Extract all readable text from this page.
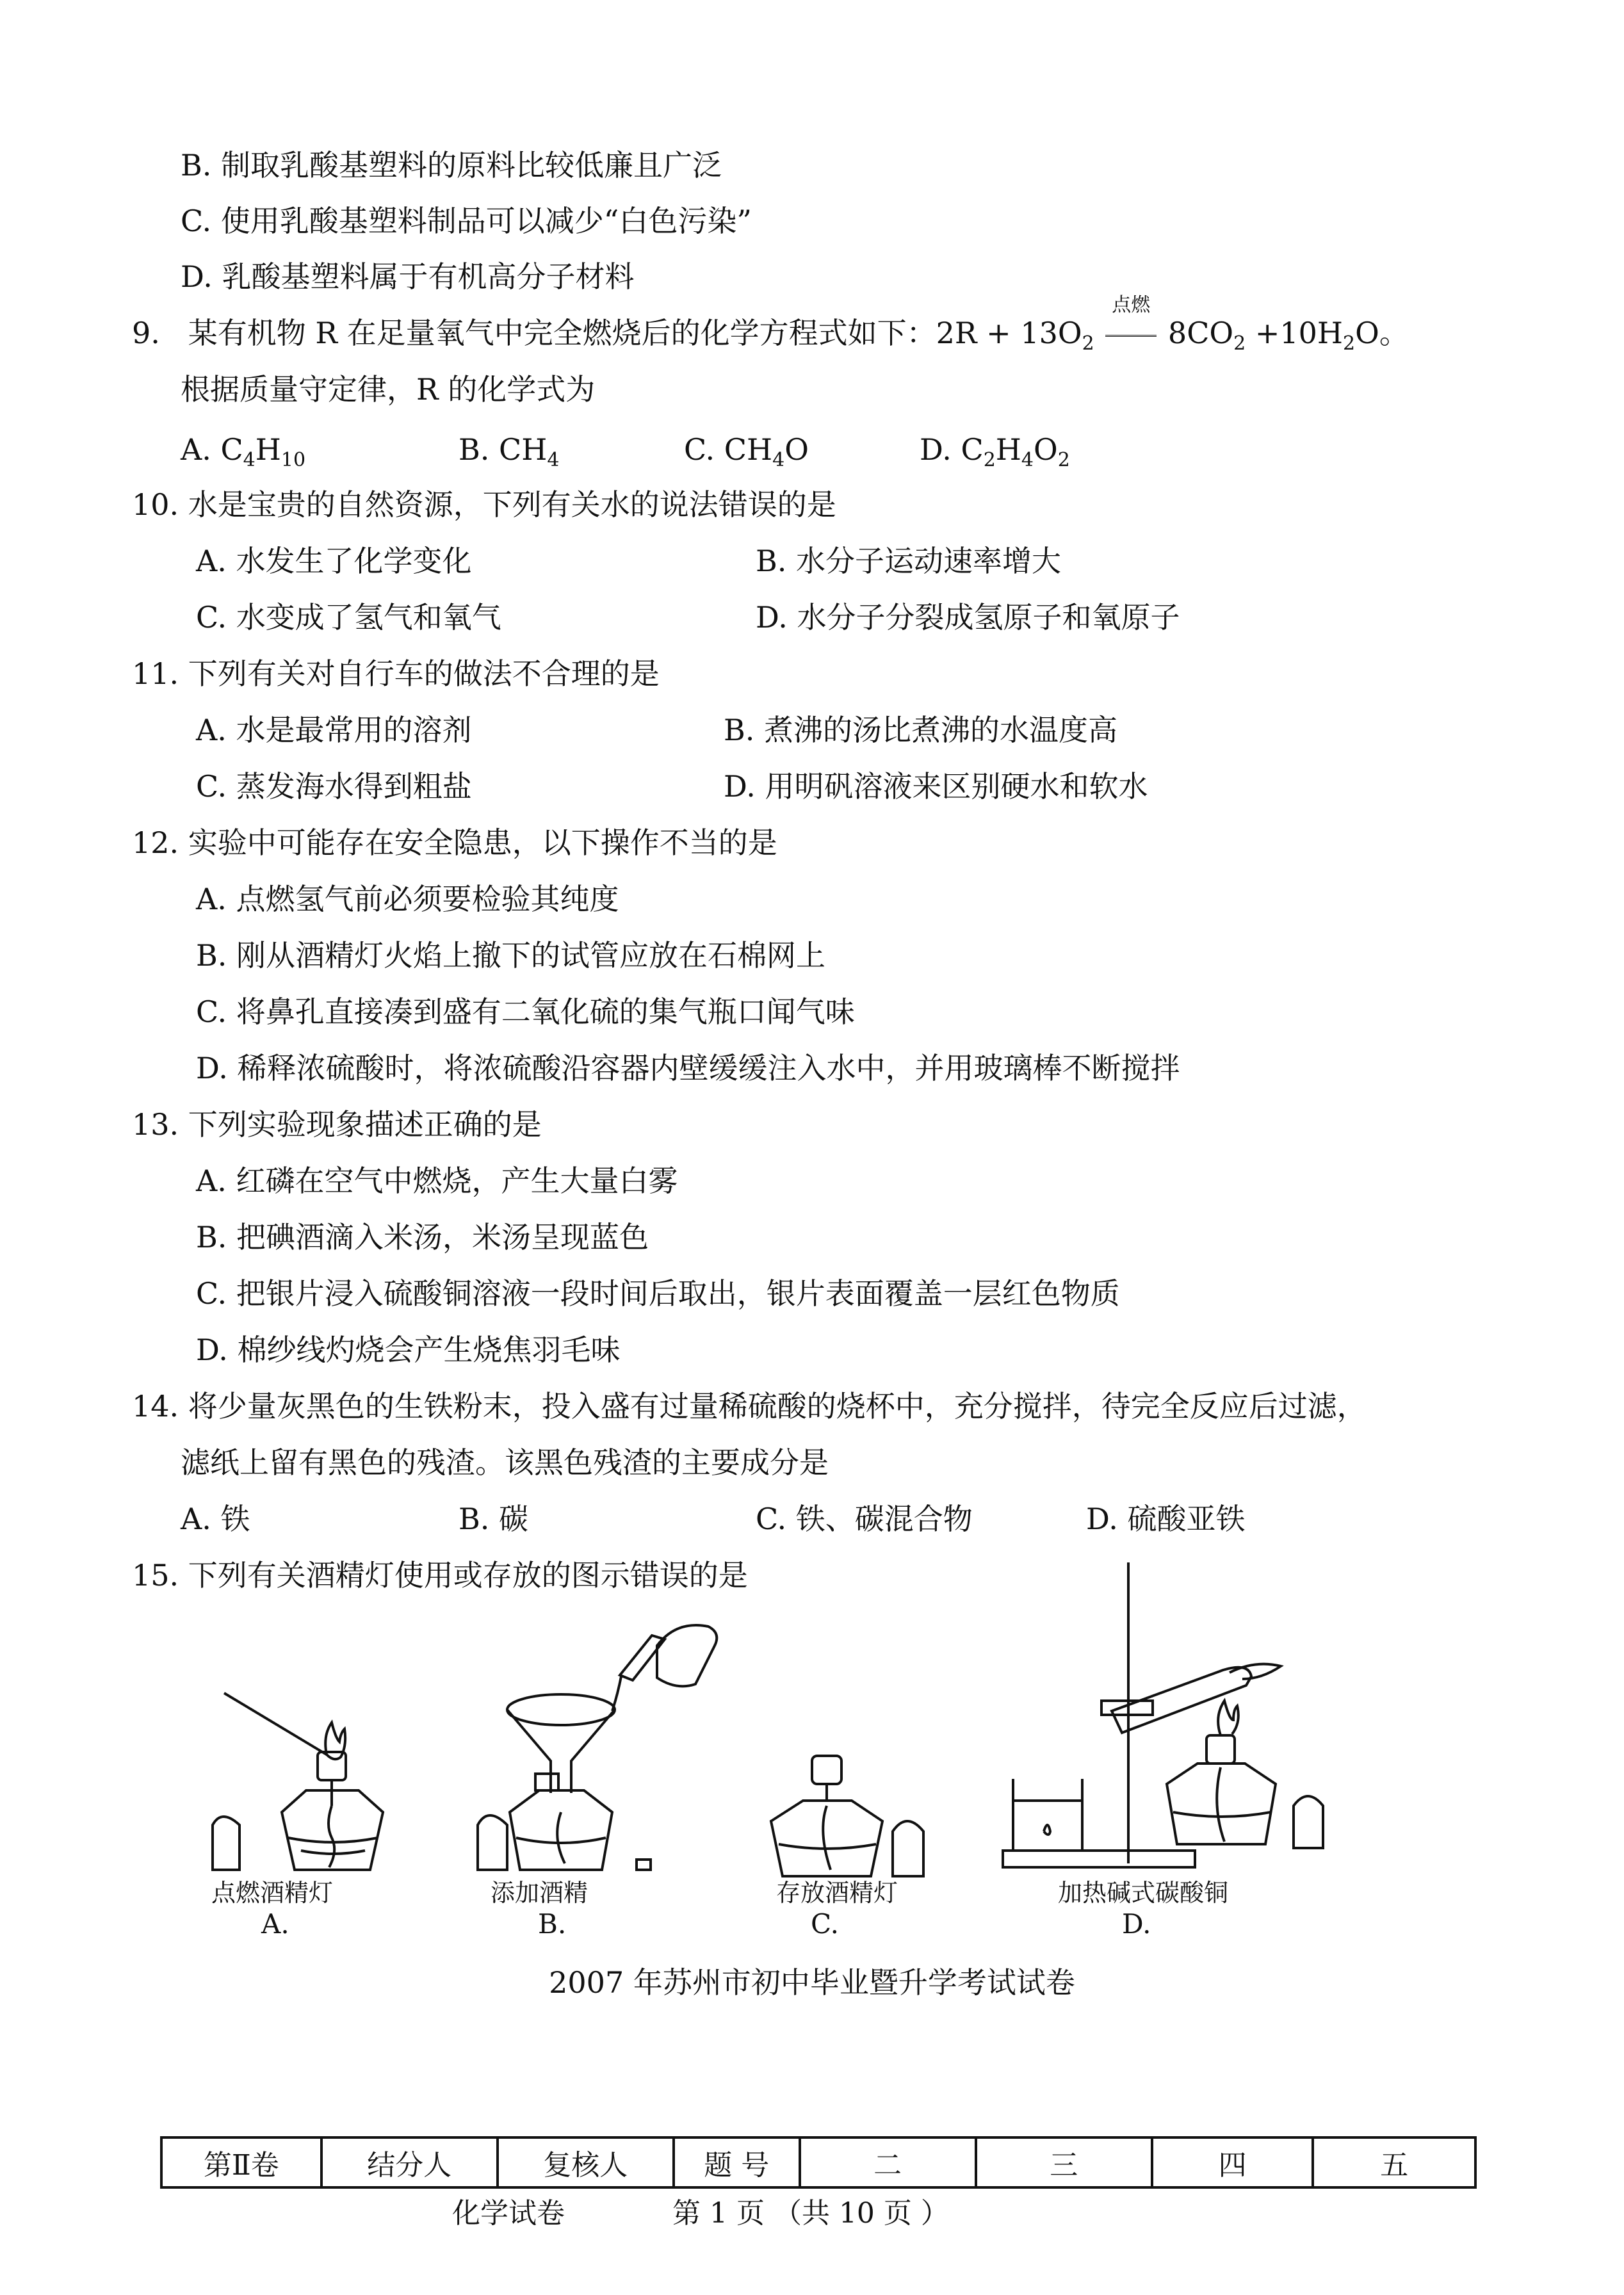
B. 制取乳酸基塑料的原料比较低廉且广泛
C. 使用乳酸基塑料制品可以减少“白色污染”
D. 乳酸基塑料属于有机高分子材料
9. 某有机物 R 在足量氧气中完全燃烧后的化学方程式如下：$2R + 13O_2$
点燃
$8CO_2 +10H_2O$。
根据质量守定律，R 的化学式为
A. $C_4H_{10}$	B. $CH_4$	C. $CH_4O$	D. $C_2H_4O_2$
10. 水是宝贵的自然资源，下列有关水的说法错误的是
A. 水发生了化学变化	B. 水分子运动速率增大
C. 水变成了氢气和氧气	D. 水分子分裂成氢原子和氧原子
11. 下列有关对自行车的做法不合理的是
A. 水是最常用的溶剂	B. 煮沸的汤比煮沸的水温度高
C. 蒸发海水得到粗盐	D. 用明矾溶液来区别硬水和软水
12. 实验中可能存在安全隐患，以下操作不当的是
A. 点燃氢气前必须要检验其纯度
B. 刚从酒精灯火焰上撤下的试管应放在石棉网上
C. 将鼻孔直接凑到盛有二氧化硫的集气瓶口闻气味
D. 稀释浓硫酸时，将浓硫酸沿容器内壁缓缓注入水中，并用玻璃棒不断搅拌
13. 下列实验现象描述正确的是
A. 红磷在空气中燃烧，产生大量白雾
B. 把碘酒滴入米汤，米汤呈现蓝色
C. 把银片浸入硫酸铜溶液一段时间后取出，银片表面覆盖一层红色物质
D. 棉纱线灼烧会产生烧焦羽毛味
14. 将少量灰黑色的生铁粉末，投入盛有过量稀硫酸的烧杯中，充分搅拌，待完全反应后过滤，
滤纸上留有黑色的残渣。该黑色残渣的主要成分是
A. 铁	B. 碳	C. 铁、碳混合物	D. 硫酸亚铁
15. 下列有关酒精灯使用或存放的图示错误的是
点燃酒精灯
A.
添加酒精
B.
存放酒精灯
C.
加热碱式碳酸铜
D.
2007 年苏州市初中毕业暨升学考试试卷
第Ⅱ卷	结分人	复核人	题 号	二	三	四	五
化学试卷	第 1 页 （共 10 页 ）
